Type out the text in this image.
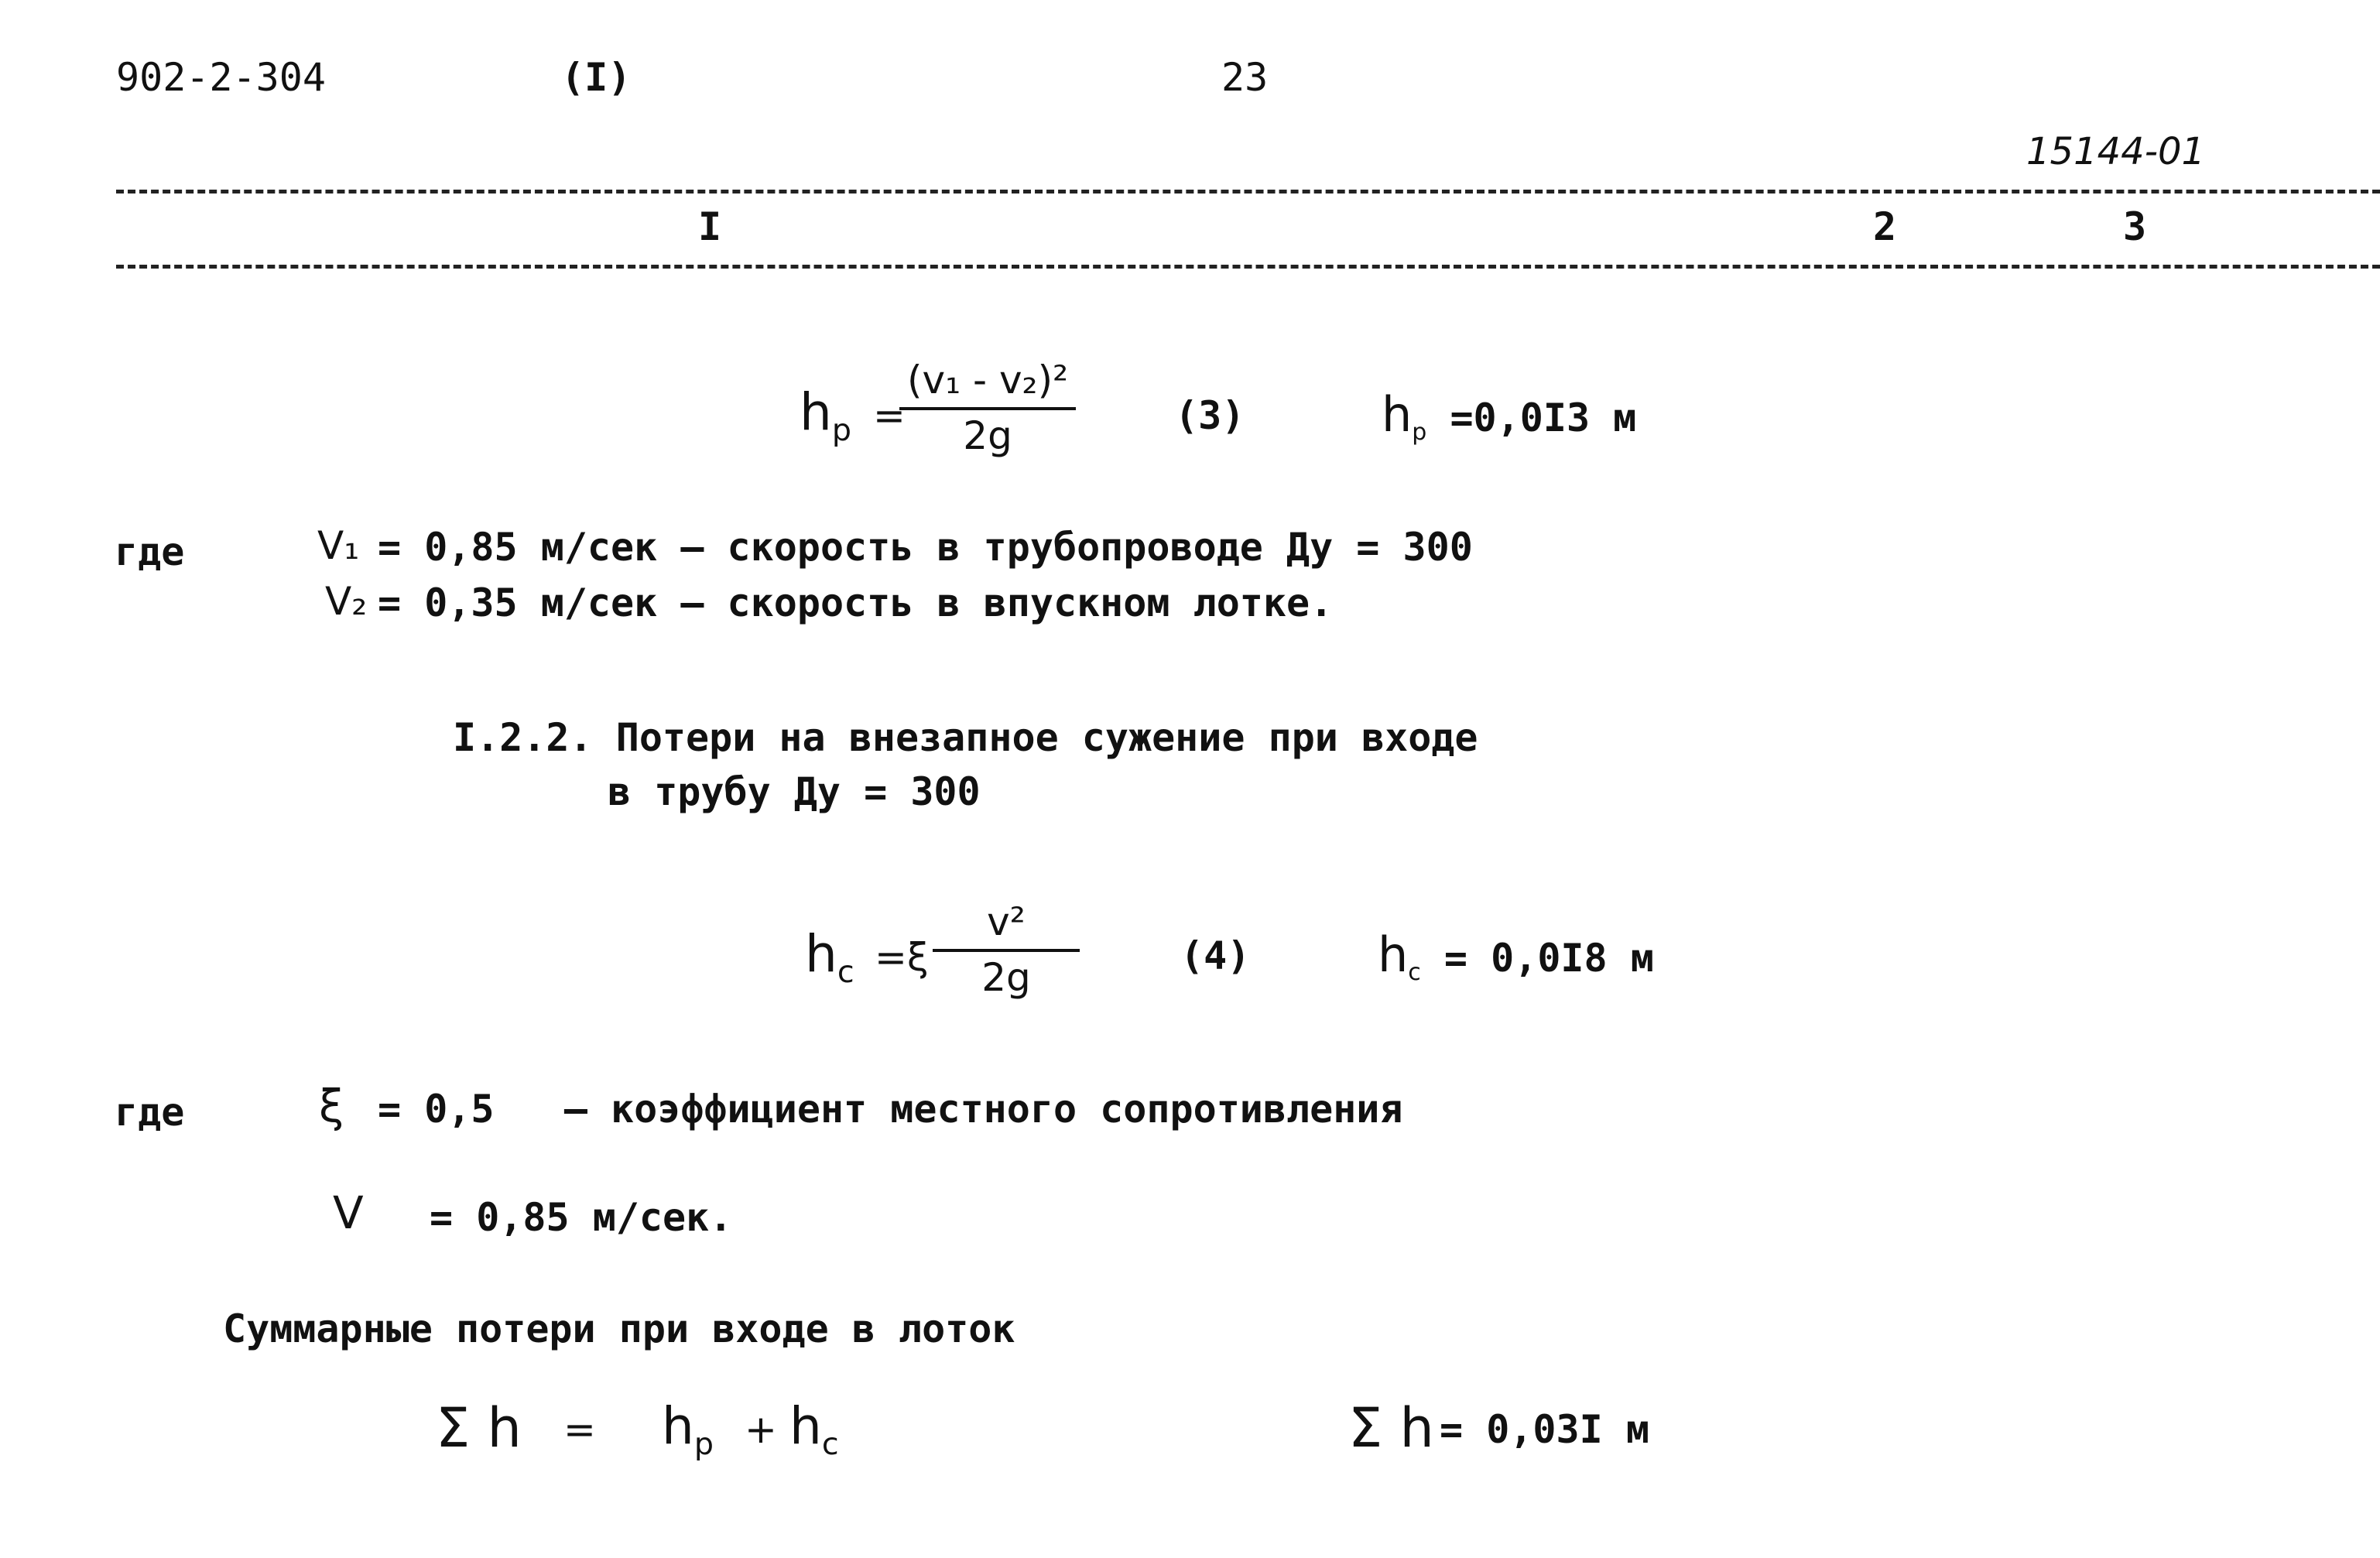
902-2-304	(I)	23
15144-01
I	2	3
$h_р$ =
(v₁ - v₂)²
2g	(3)	$h_р =0,0I3$ м
где	V₁ = 0,85 м/сек – скорость в трубопроводе Ду = 300
V₂ = 0,35 м/сек – скорость в впускном лотке.
I.2.2. Потери на внезапное сужение при входе
в трубу Ду = 300
$h_с =\xi$
v²
2g	(4)	$h_с = 0,0I8$ м
где	ξ = 0,5   – коэффициент местного сопротивления
V = 0,85 м/сек.
Суммарные потери при входе в лоток
Σ $h = h_р + h_с$	Σ h = 0,03I м
